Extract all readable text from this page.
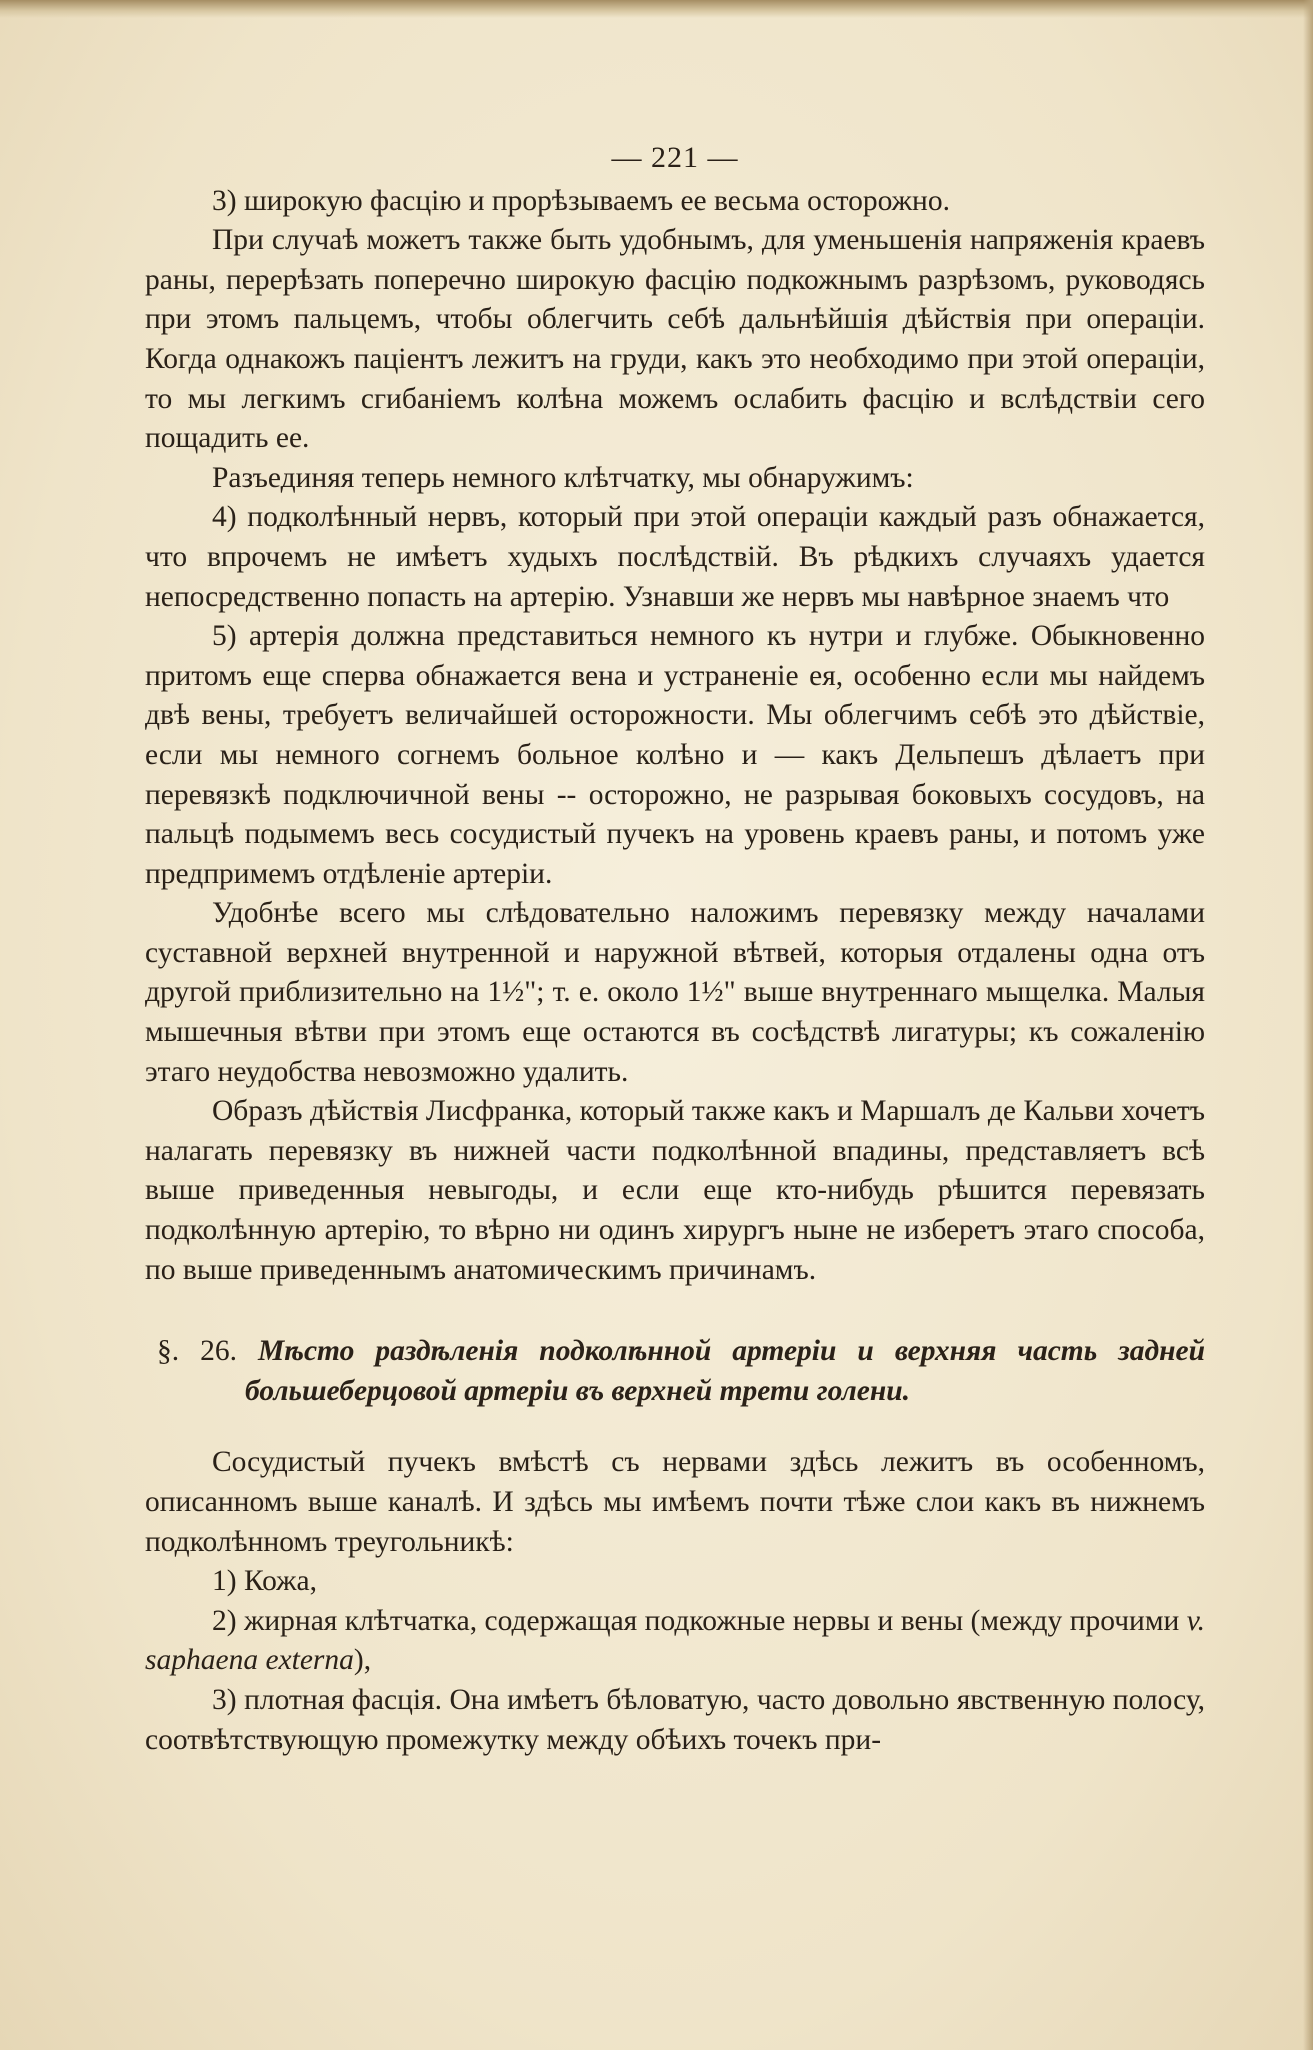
— 221 —

3) широкую фасцію и прорѣзываемъ ее весьма осторожно.

При случаѣ можетъ также быть удобнымъ, для уменьшенія напряженія краевъ раны, перерѣзать поперечно широкую фасцію подкожнымъ разрѣзомъ, руководясь при этомъ пальцемъ, чтобы облегчить себѣ дальнѣйшія дѣйствія при операціи. Когда однакожъ паціентъ лежитъ на груди, какъ это необходимо при этой операціи, то мы легкимъ сгибаніемъ колѣна можемъ ослабить фасцію и вслѣдствіи сего пощадить ее.

Разъединяя теперь немного клѣтчатку, мы обнаружимъ:

4) подколѣнный нервъ, который при этой операціи каждый разъ обнажается, что впрочемъ не имѣетъ худыхъ послѣдствій. Въ рѣдкихъ случаяхъ удается непосредственно попасть на артерію. Узнавши же нервъ мы навѣрное знаемъ что

5) артерія должна представиться немного къ нутри и глубже. Обыкновенно притомъ еще сперва обнажается вена и устраненіе ея, особенно если мы найдемъ двѣ вены, требуетъ величайшей осторожности. Мы облегчимъ себѣ это дѣйствіе, если мы немного согнемъ больное колѣно и — какъ Дельпешъ дѣлаетъ при перевязкѣ подключичной вены -- осторожно, не разрывая боковыхъ сосудовъ, на пальцѣ подымемъ весь сосудистый пучекъ на уровень краевъ раны, и потомъ уже предпримемъ отдѣленіе артеріи.

Удобнѣе всего мы слѣдовательно наложимъ перевязку между началами суставной верхней внутренной и наружной вѣтвей, которыя отдалены одна отъ другой приблизительно на 1½"; т. е. около 1½" выше внутреннаго мыщелка. Малыя мышечныя вѣтви при этомъ еще остаются въ сосѣдствѣ лигатуры; къ сожаленію этаго неудобства невозможно удалить.

Образъ дѣйствія Лисфранка, который также какъ и Маршалъ де Кальви хочетъ налагать перевязку въ нижней части подколѣнной впадины, представляетъ всѣ выше приведенныя невыгоды, и если еще кто-нибудь рѣшится перевязать подколѣнную артерію, то вѣрно ни одинъ хирургъ ныне не изберетъ этаго способа, по выше приведеннымъ анатомическимъ причинамъ.

§. 26. Мѣсто раздѣленія подколѣнной артеріи и верхняя часть задней большеберцовой артеріи въ верхней трети голени.

Сосудистый пучекъ вмѣстѣ съ нервами здѣсь лежитъ въ особенномъ, описанномъ выше каналѣ. И здѣсь мы имѣемъ почти тѣже слои какъ въ нижнемъ подколѣнномъ треугольникѣ:

1) Кожа,

2) жирная клѣтчатка, содержащая подкожные нервы и вены (между прочими v. saphaena externa),

3) плотная фасція. Она имѣетъ бѣловатую, часто довольно явственную полосу, соотвѣтствующую промежутку между обѣихъ точекъ при-
